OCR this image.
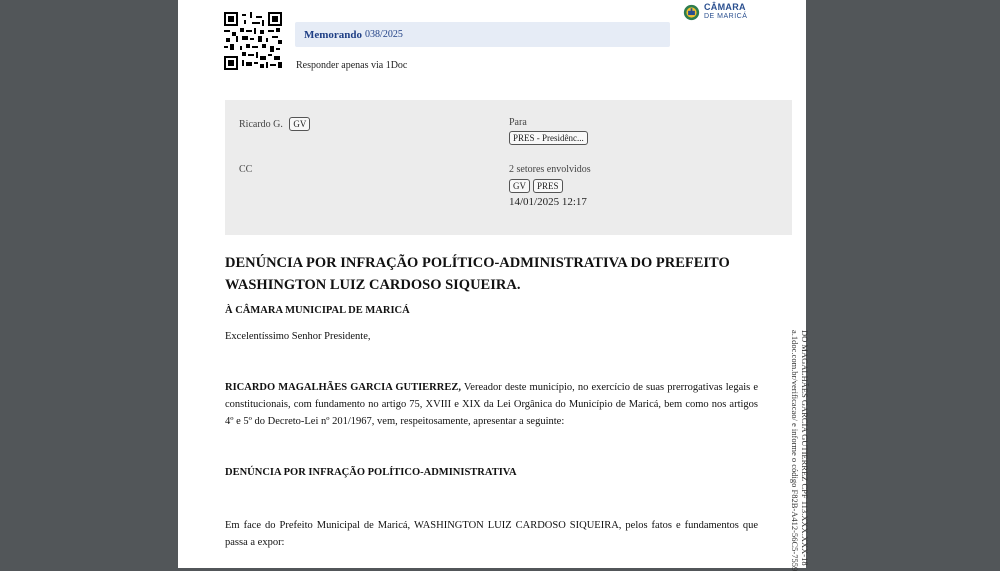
Memorando 038/2025
Responder apenas via 1Doc
CÂMARA
DE MARICÁ
Ricardo G. GV	Para
PRES - Presidênc...
CC	2 setores envolvidos
GV PRES
14/01/2025 12:17
DENÚNCIA POR INFRAÇÃO POLÍTICO-ADMINISTRATIVA DO PREFEITO WASHINGTON LUIZ CARDOSO SIQUEIRA.
À CÂMARA MUNICIPAL DE MARICÁ
Excelentíssimo Senhor Presidente,
RICARDO MAGALHÃES GARCIA GUTIERREZ, Vereador deste município, no exercício de suas prerrogativas legais e constitucionais, com fundamento no artigo 75, XVIII e XIX da Lei Orgânica do Município de Maricá, bem como nos artigos 4º e 5º do Decreto-Lei nº 201/1967, vem, respeitosamente, apresentar a seguinte:
DENÚNCIA POR INFRAÇÃO POLÍTICO-ADMINISTRATIVA
Em face do Prefeito Municipal de Maricá, WASHINGTON LUIZ CARDOSO SIQUEIRA, pelos fatos e fundamentos que passa a expor:	DO MAGALHÃES GARCIA GUTIERREZ CPF 113.XXX.XXX-18
a.1doc.com.br/verificacao/ e informe o código F82B-A412-56C5-7559
